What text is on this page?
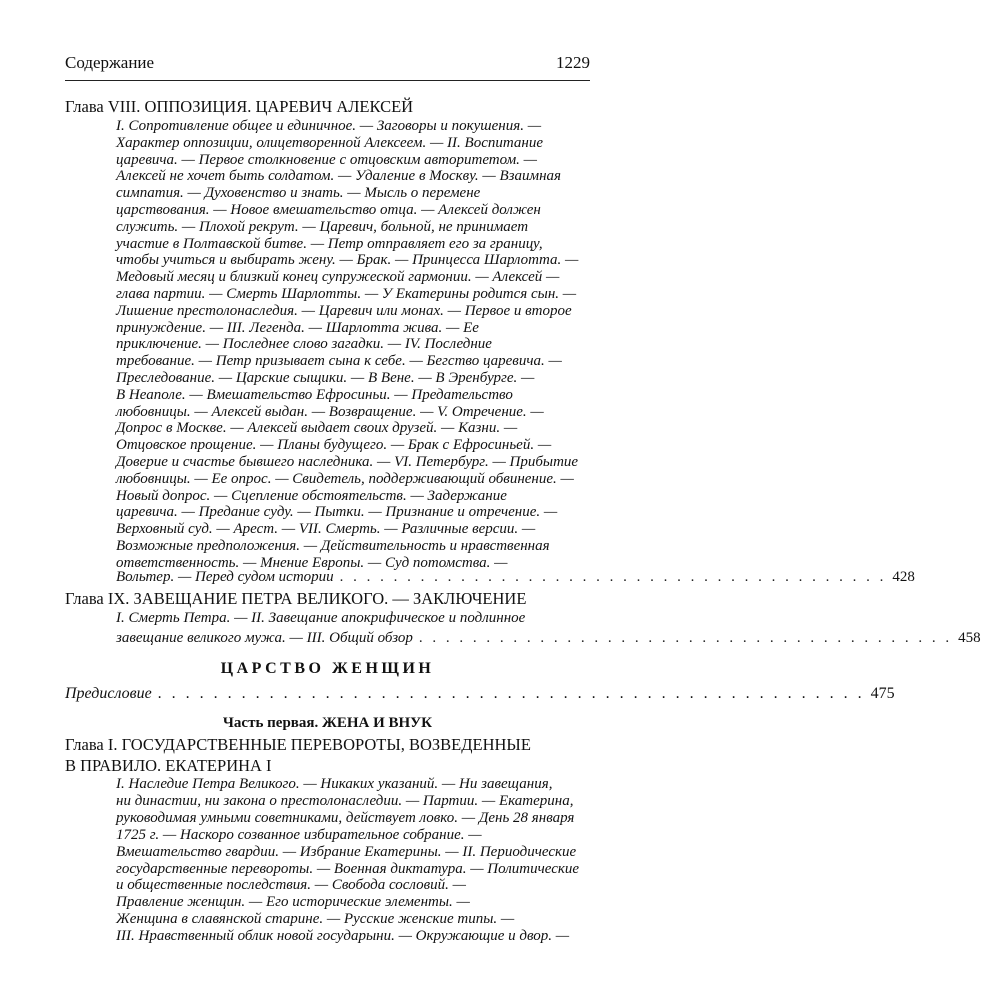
Содержание	1229
Глава VIII. ОППОЗИЦИЯ. ЦАРЕВИЧ АЛЕКСЕЙ
I. Сопротивление общее и единичное. — Заговоры и покушения. —
Характер оппозиции, олицетворенной Алексеем. — II. Воспитание
царевича. — Первое столкновение с отцовским авторитетом. —
Алексей не хочет быть солдатом. — Удаление в Москву. — Взаимная
симпатия. — Духовенство и знать. — Мысль о перемене
царствования. — Новое вмешательство отца. — Алексей должен
служить. — Плохой рекрут. — Царевич, больной, не принимает
участие в Полтавской битве. — Петр отправляет его за границу,
чтобы учиться и выбирать жену. — Брак. — Принцесса Шарлотта. —
Медовый месяц и близкий конец супружеской гармонии. — Алексей —
глава партии. — Смерть Шарлотты. — У Екатерины родится сын. —
Лишение престолонаследия. — Царевич или монах. — Первое и второе
принуждение. — III. Легенда. — Шарлотта жива. — Ее
приключение. — Последнее слово загадки. — IV. Последние
требование. — Петр призывает сына к себе. — Бегство царевича. —
Преследование. — Царские сыщики. — В Вене. — В Эренбурге. —
В Неаполе. — Вмешательство Ефросиньи. — Предательство
любовницы. — Алексей выдан. — Возвращение. — V. Отречение. —
Допрос в Москве. — Алексей выдает своих друзей. — Казни. —
Отцовское прощение. — Планы будущего. — Брак с Ефросиньей. —
Доверие и счастье бывшего наследника. — VI. Петербург. — Прибытие
любовницы. — Ее опрос. — Свидетель, поддерживающий обвинение. —
Новый допрос. — Сцепление обстоятельств. — Задержание
царевича. — Предание суду. — Пытки. — Признание и отречение. —
Верховный суд. — Арест. — VII. Смерть. — Различные версии. —
Возможные предположения. — Действительность и нравственная
ответственность. — Мнение Европы. — Суд потомства. —
Вольтер. — Перед судом истории . . . . . . . . . . . . . . . . . . . . . . . . . . . . . . . . . . . . . . . . . 428
Глава IX. ЗАВЕЩАНИЕ ПЕТРА ВЕЛИКОГО. — ЗАКЛЮЧЕНИЕ
I. Смерть Петра. — II. Завещание апокрифическое и подлинное
завещание великого мужа. — III. Общий обзор . . . . . . . . . . . . . . . . . . . . . . . . . . . . . . . . . . . . . . . . 458
ЦАРСТВО ЖЕНЩИН
Предисловие . . . . . . . . . . . . . . . . . . . . . . . . . . . . . . . . . . . . . . . . . . . . . . . . . . . 475
Часть первая. ЖЕНА И ВНУК
Глава I. ГОСУДАРСТВЕННЫЕ ПЕРЕВОРОТЫ, ВОЗВЕДЕННЫЕ
В ПРАВИЛО. ЕКАТЕРИНА I
I. Наследие Петра Великого. — Никаких указаний. — Ни завещания,
ни династии, ни закона о престолонаследии. — Партии. — Екатерина,
руководимая умными советниками, действует ловко. — День 28 января
1725 г. — Наскоро созванное избирательное собрание. —
Вмешательство гвардии. — Избрание Екатерины. — II. Периодические
государственные перевороты. — Военная диктатура. — Политические
и общественные последствия. — Свобода сословий. —
Правление женщин. — Его исторические элементы. —
Женщина в славянской старине. — Русские женские типы. —
III. Нравственный облик новой государыни. — Окружающие и двор. —
